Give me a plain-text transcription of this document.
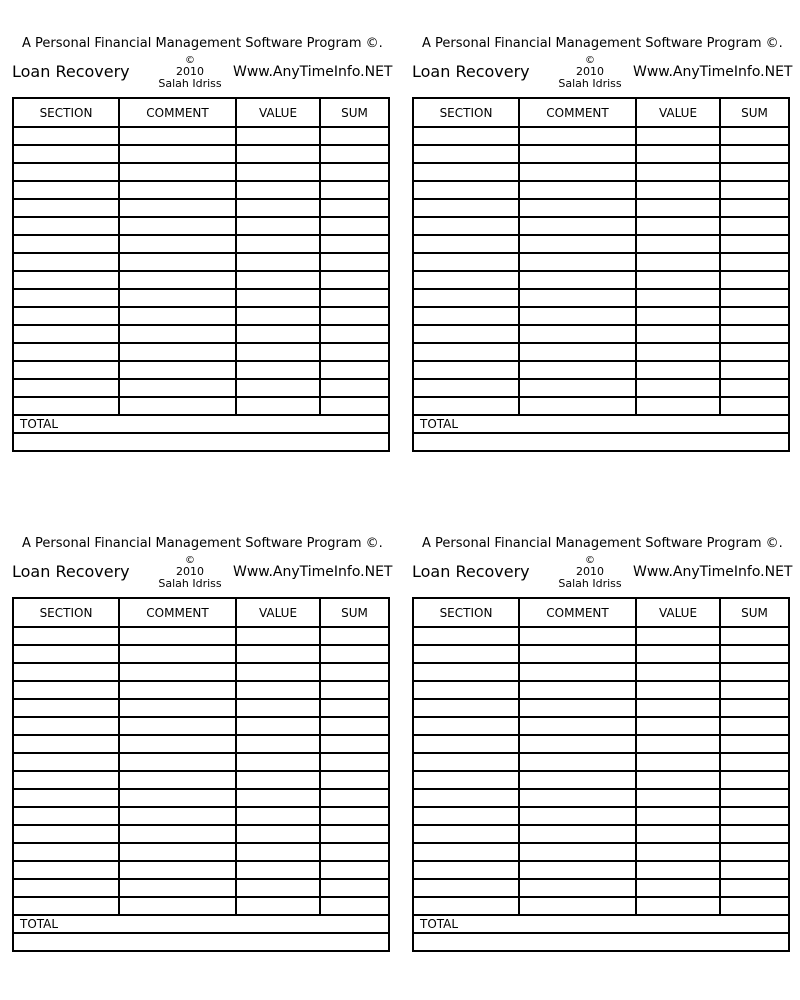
A Personal Financial Management Software Program ©.
Loan Recovery
©
2010
Salah Idriss
Www.AnyTimeInfo.NET
SECTION	COMMENT	VALUE	SUM

TOTAL			

A Personal Financial Management Software Program ©.
Loan Recovery
©
2010
Salah Idriss
Www.AnyTimeInfo.NET
SECTION	COMMENT	VALUE	SUM

TOTAL			

A Personal Financial Management Software Program ©.
Loan Recovery
©
2010
Salah Idriss
Www.AnyTimeInfo.NET
SECTION	COMMENT	VALUE	SUM

TOTAL			

A Personal Financial Management Software Program ©.
Loan Recovery
©
2010
Salah Idriss
Www.AnyTimeInfo.NET
SECTION	COMMENT	VALUE	SUM

TOTAL			
